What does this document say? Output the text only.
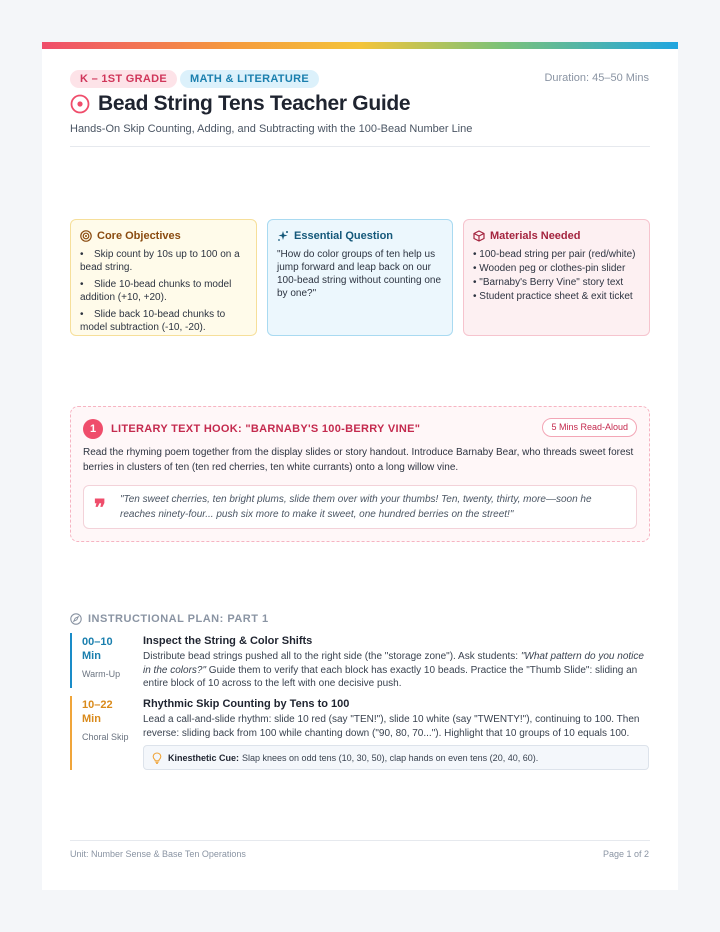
K – 1ST GRADE	MATH & LITERATURE	Duration: 45–50 Mins
Bead String Tens Teacher Guide
Hands-On Skip Counting, Adding, and Subtracting with the 100-Bead Number Line
Core Objectives
• Skip count by 10s up to 100 on a bead string.
• Slide 10-bead chunks to model addition (+10, +20).
• Slide back 10-bead chunks to model subtraction (-10, -20).
Essential Question

"How do color groups of ten help us jump forward and leap back on our 100-bead string without counting one by one?"

Materials Needed
• 100-bead string per pair (red/white)
• Wooden peg or clothes-pin slider
• "Barnaby's Berry Vine" story text
• Student practice sheet & exit ticket
1	LITERARY TEXT HOOK: "BARNABY'S 100-BERRY VINE"	5 Mins Read-Aloud

Read the rhyming poem together from the display slides or story handout. Introduce Barnaby Bear, who threads sweet forest berries in clusters of ten (ten red cherries, ten white currants) onto a long willow vine.

❞ "Ten sweet cherries, ten bright plums, slide them over with your thumbs! Ten, twenty, thirty, more—soon he reaches ninety-four... push six more to make it sweet, one hundred berries on the street!"

INSTRUCTIONAL PLAN: PART 1
00–10
Min
Warm-Up
Inspect the String & Color Shifts

Distribute bead strings pushed all to the right side (the "storage zone"). Ask students: "What pattern do you notice in the colors?" Guide them to verify that each block has exactly 10 beads. Practice the "Thumb Slide": sliding an entire block of 10 across to the left with one decisive push.

10–22
Min
Choral Skip
Rhythmic Skip Counting by Tens to 100

Lead a call-and-slide rhythm: slide 10 red (say "TEN!"), slide 10 white (say "TWENTY!"), continuing to 100. Then reverse: sliding back from 100 while chanting down ("90, 80, 70..."). Highlight that 10 groups of 10 equals 100.

Kinesthetic Cue: Slap knees on odd tens (10, 30, 50), clap hands on even tens (20, 40, 60).
Unit: Number Sense & Base Ten Operations	Page 1 of 2
